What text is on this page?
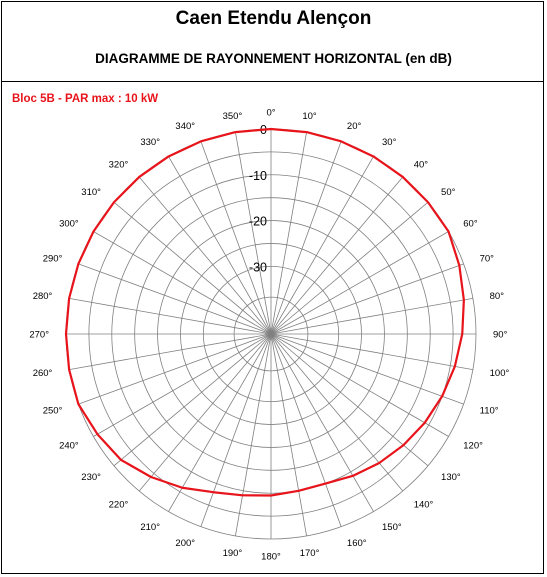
Caen Etendu Alençon
DIAGRAMME DE RAYONNEMENT HORIZONTAL (en dB)
Bloc 5B - PAR max : 10 kW
0°	10°
20°
30°
40°
50°
60°
70°
80°
90°
100°
110°
120°
130°
140°
150°
160°
170°
180°
190°
200°
210°
220°
230°
240°
250°
260°
270°
280°
290°
300°
310°
320°
330°
340°
350°
0
-10
-20
-30
